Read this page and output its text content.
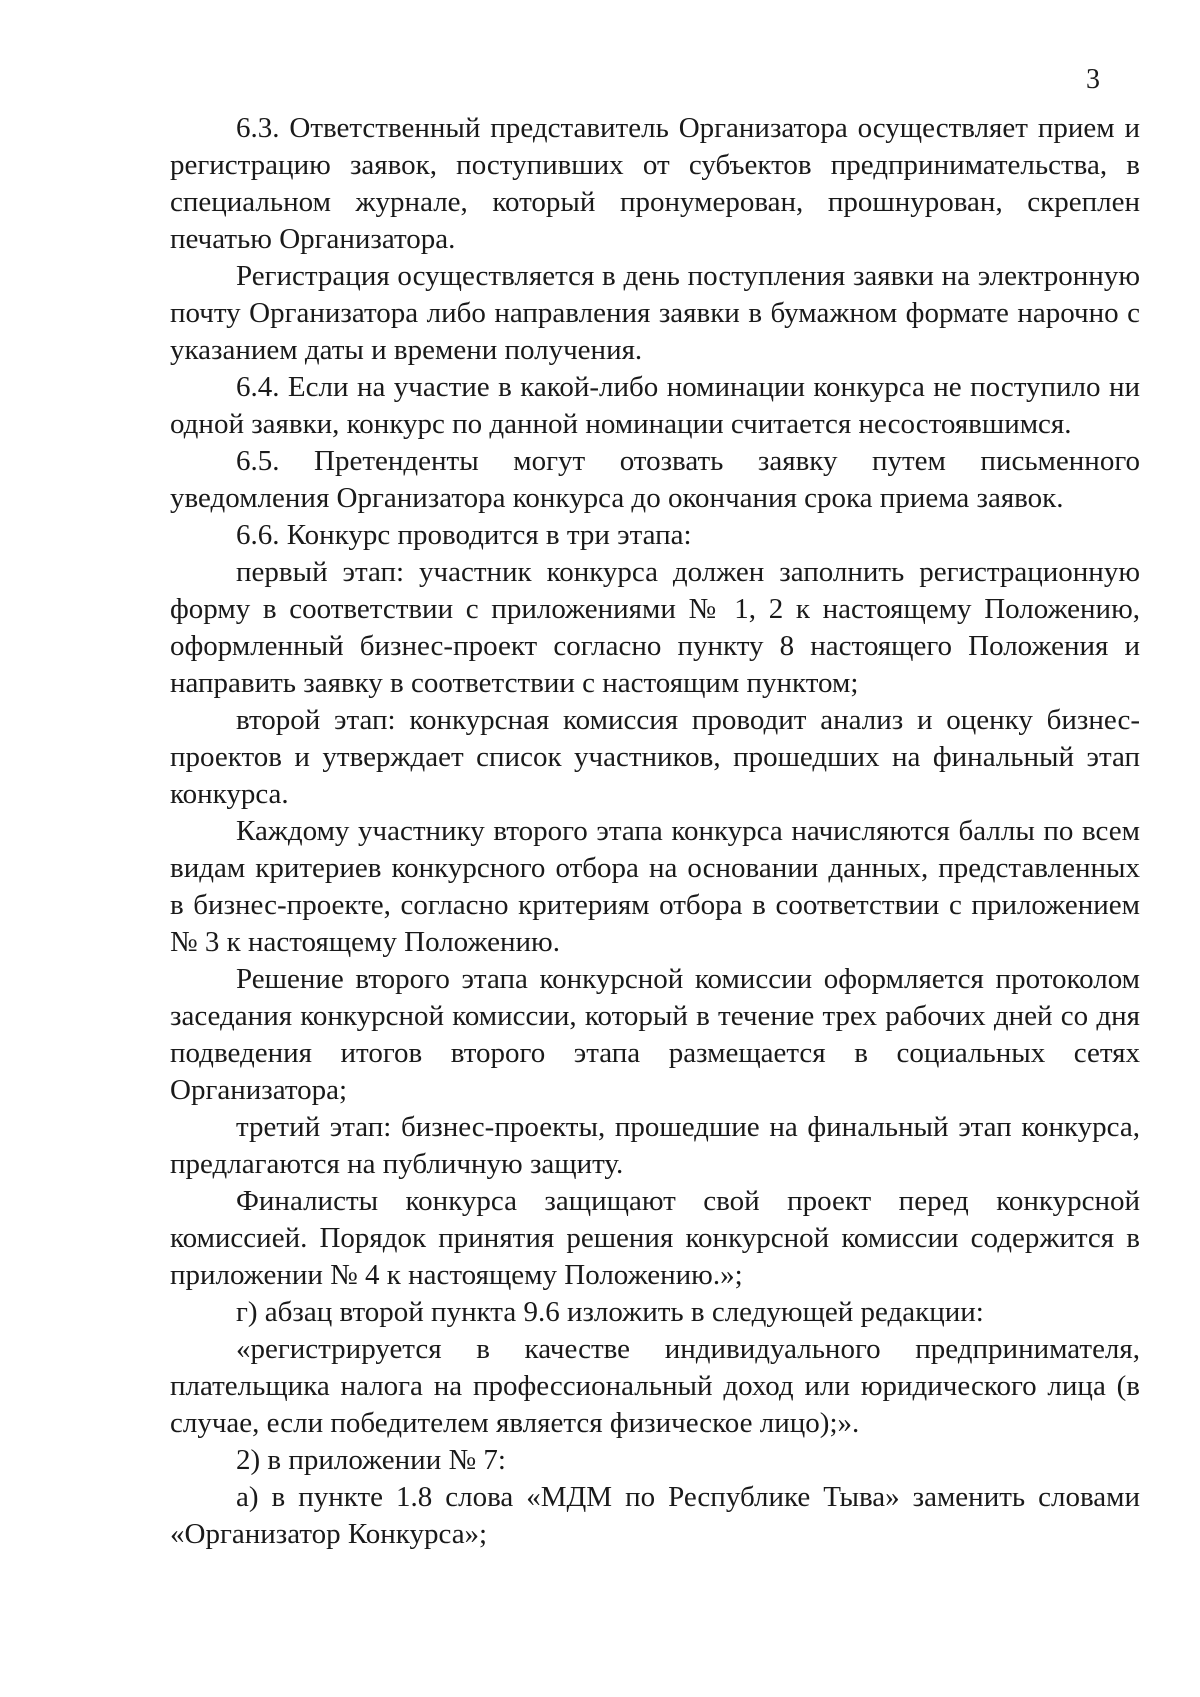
3

6.3. Ответственный представитель Организатора осуществляет прием и регистрацию заявок, поступивших от субъектов предпринимательства, в специальном журнале, который пронумерован, прошнурован, скреплен печатью Организатора.

Регистрация осуществляется в день поступления заявки на электронную почту Организатора либо направления заявки в бумажном формате нарочно с указанием даты и времени получения.

6.4. Если на участие в какой-либо номинации конкурса не поступило ни одной заявки, конкурс по данной номинации считается несостоявшимся.

6.5. Претенденты могут отозвать заявку путем письменного уведомления Организатора конкурса до окончания срока приема заявок.

6.6. Конкурс проводится в три этапа:

первый этап: участник конкурса должен заполнить регистрационную форму в соответствии с приложениями № 1, 2 к настоящему Положению, оформленный бизнес-проект согласно пункту 8 настоящего Положения и направить заявку в соответствии с настоящим пунктом;

второй этап: конкурсная комиссия проводит анализ и оценку бизнес-проектов и утверждает список участников, прошедших на финальный этап конкурса.

Каждому участнику второго этапа конкурса начисляются баллы по всем видам критериев конкурсного отбора на основании данных, представленных в бизнес-проекте, согласно критериям отбора в соответствии с приложением № 3 к настоящему Положению.

Решение второго этапа конкурсной комиссии оформляется протоколом заседания конкурсной комиссии, который в течение трех рабочих дней со дня подведения итогов второго этапа размещается в социальных сетях Организатора;

третий этап: бизнес-проекты, прошедшие на финальный этап конкурса, предлагаются на публичную защиту.

Финалисты конкурса защищают свой проект перед конкурсной комиссией. Порядок принятия решения конкурсной комиссии содержится в приложении № 4 к настоящему Положению.»;

г) абзац второй пункта 9.6 изложить в следующей редакции:

«регистрируется в качестве индивидуального предпринимателя, плательщика налога на профессиональный доход или юридического лица (в случае, если победителем является физическое лицо);».

2) в приложении № 7:

а) в пункте 1.8 слова «МДМ по Республике Тыва» заменить словами «Организатор Конкурса»;
